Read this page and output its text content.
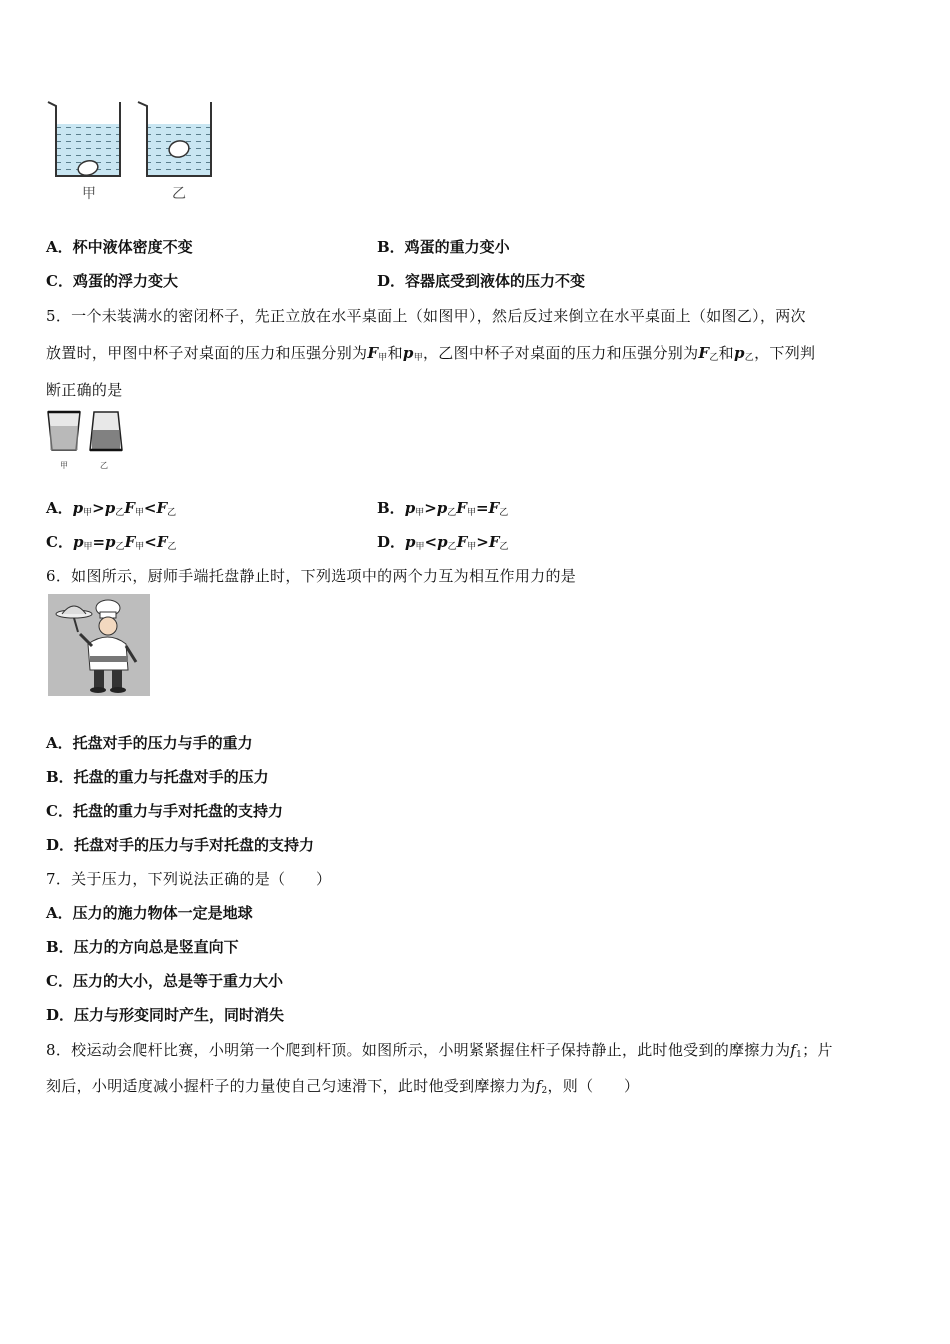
甲	乙
A．杯中液体密度不变	B．鸡蛋的重力变小
C．鸡蛋的浮力变大	D．容器底受到液体的压力不变
5．一个未装满水的密闭杯子，先正立放在水平桌面上（如图甲），然后反过来倒立在水平桌面上（如图乙），两次
放置时，甲图中杯子对桌面的压力和压强分别为$F_甲$和$p_甲$，乙图中杯子对桌面的压力和压强分别为$F_乙$和$p_乙$，下列判
断正确的是
甲	乙
A．$p_甲>p_乙F_甲<F_乙$	B．$p_甲>p_乙F_甲=F_乙$
C．$p_甲=p_乙F_甲<F_乙$	D．$p_甲<p_乙F_甲>F_乙$
6．如图所示，厨师手端托盘静止时，下列选项中的两个力互为相互作用力的是
A．托盘对手的压力与手的重力
B．托盘的重力与托盘对手的压力
C．托盘的重力与手对托盘的支持力
D．托盘对手的压力与手对托盘的支持力
7．关于压力，下列说法正确的是（　　）
A．压力的施力物体一定是地球
B．压力的方向总是竖直向下
C．压力的大小，总是等于重力大小
D．压力与形变同时产生，同时消失
8．校运动会爬杆比赛，小明第一个爬到杆顶。如图所示，小明紧紧握住杆子保持静止，此时他受到的摩擦力为$f_1$；片
刻后，小明适度减小握杆子的力量使自己匀速滑下，此时他受到摩擦力为$f_2$，则（　　）
